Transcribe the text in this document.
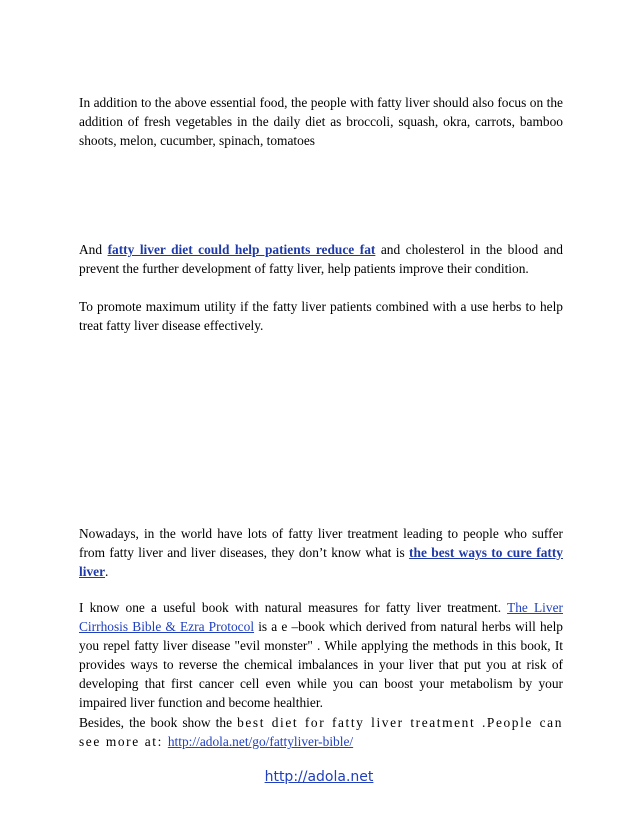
In addition to the above essential food, the people with fatty liver should also focus on the addition of fresh vegetables in the daily diet as broccoli, squash, okra, carrots, bamboo shoots, melon, cucumber, spinach, tomatoes

And fatty liver diet could help patients reduce fat and cholesterol in the blood and prevent the further development of fatty liver, help patients improve their condition.

To promote maximum utility if the fatty liver patients combined with a use herbs to help treat fatty liver disease effectively.

Nowadays, in the world have lots of fatty liver treatment leading to people who suffer from fatty liver and liver diseases, they don’t know what is the best ways to cure fatty liver.

I know one a useful book with natural measures for fatty liver treatment. The Liver Cirrhosis Bible & Ezra Protocol is a e –book which derived from natural herbs will help you repel fatty liver disease "evil monster" . While applying the methods in this book, It provides ways to reverse the chemical imbalances in your liver that put you at risk of developing that first cancer cell even while you can boost your metabolism by your impaired liver function and become healthier.

Besides, the book show the best diet for fatty liver treatment .People can see more at: http://adola.net/go/fattyliver-bible/

http://adola.net
